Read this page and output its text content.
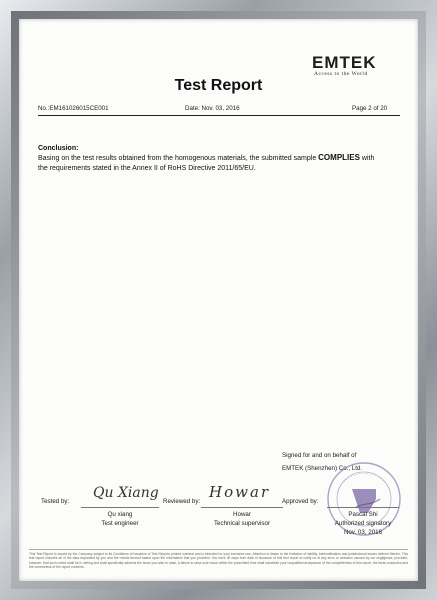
EMTEK
Access to the World
Test Report
No.:EM161026015CE001	Date: Nov. 03, 2016	Page 2 of 20
Conclusion:
Basing on the test results obtained from the homogenous materials, the submitted sample COMPLIES with
the requirements stated in the Annex II of RoHS Directive 2011/65/EU.
Signed for and on behalf of
EMTEK (Shenzhen) Co., Ltd.
Tested by:
Qu Xiang
Qu xiang
Test engineer
Reviewed by:
Howar
Howar
Technical supervisor
Approved by:
Pascal Shi
Authorized signatory
Nov. 03, 2016
This Test Report is issued by the Company subject to its Conditions of Issuance of Test Reports printed overleaf and is intended for your exclusive use. Attention is drawn to the limitation of liability, indemnification and jurisdictional issues defined therein. This test report includes all of the data requested by you and the results thereof based upon the information that you provided. You have 30 days from date of issuance of this test report to notify us of any error or omission caused by our negligence; provided, however, that such notice shall be in writing and shall specifically address the issue you wish to raise. A failure to raise such issue within the prescribed time shall constitute your unqualified acceptance of the completeness of this report, the tests conducted and the correctness of the report contents.
